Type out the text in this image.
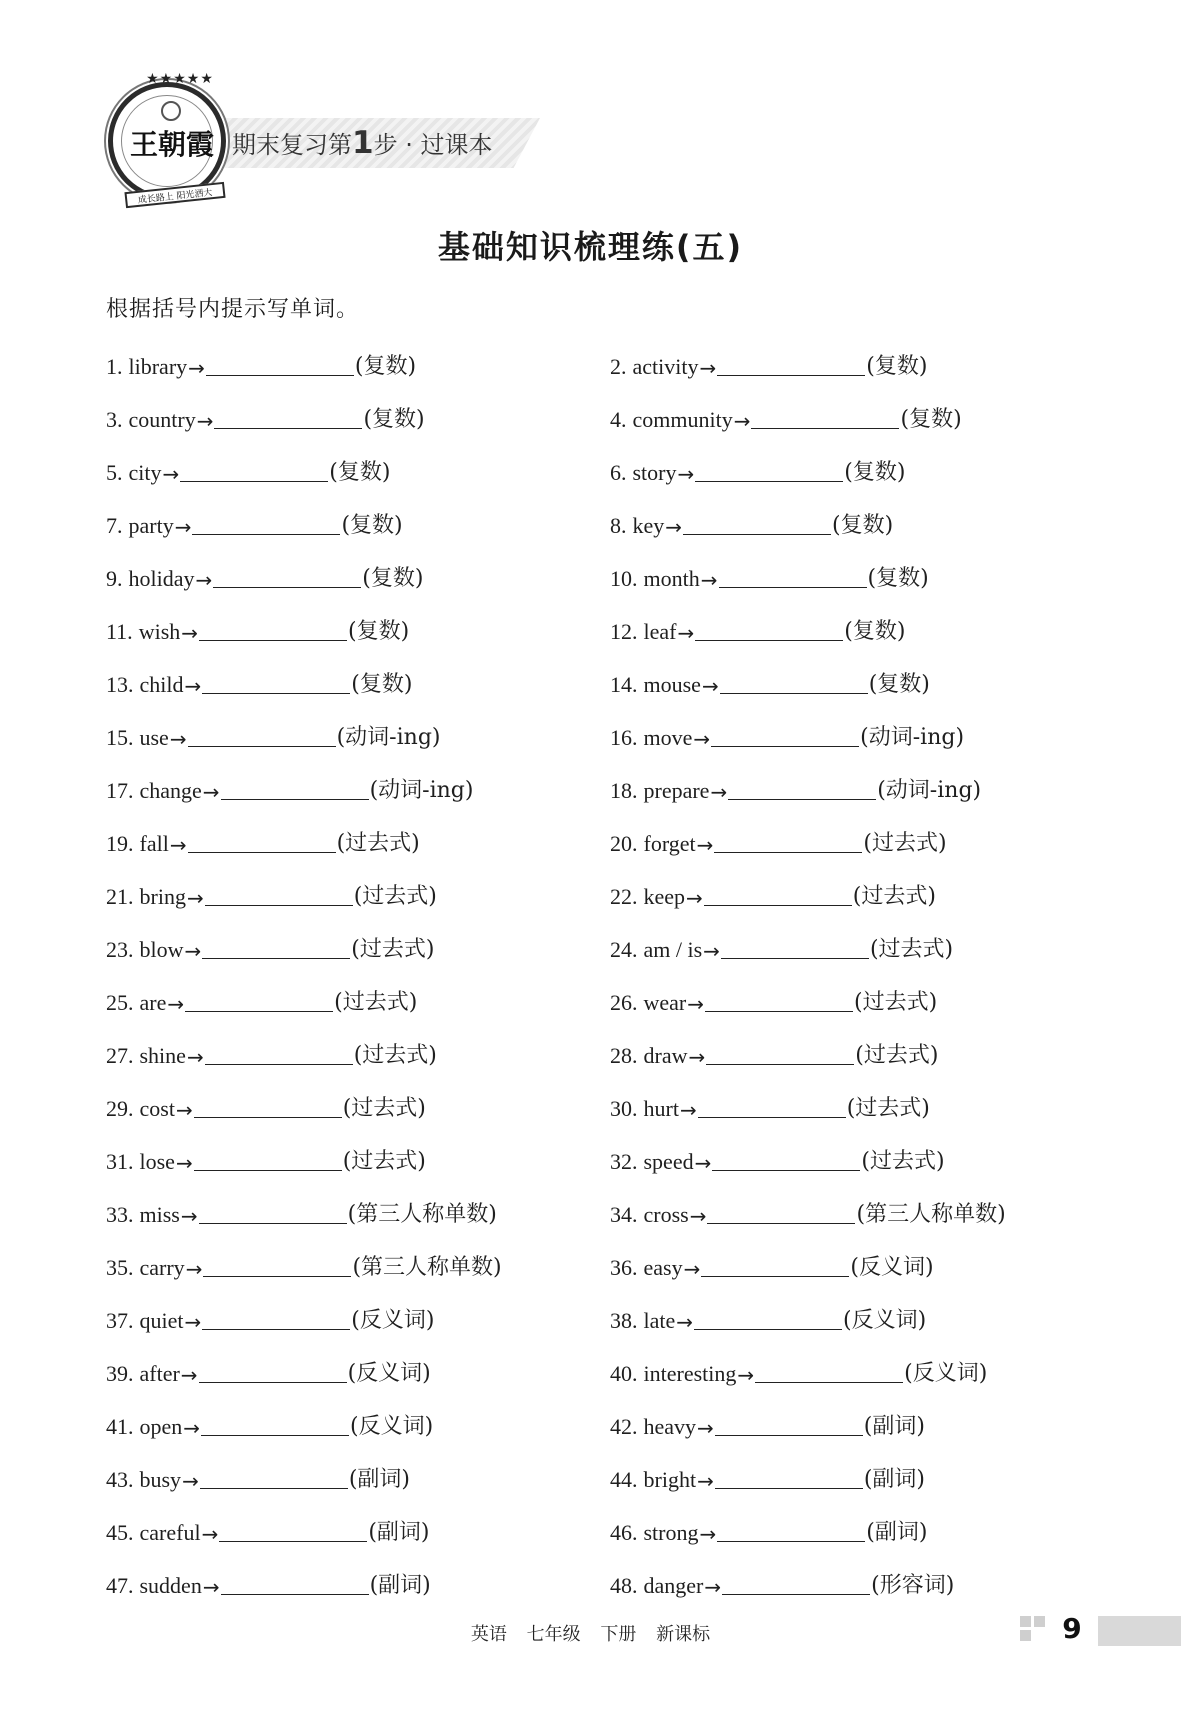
期末复习第1步 · 过课本
★★★★★
王朝霞
成长路上 阳光洒大
基础知识梳理练(五)
根据括号内提示写单词。
1. library →	(复数)	2. activity →	(复数)
3. country →	(复数)	4. community →	(复数)
5. city →	(复数)	6. story →	(复数)
7. party →	(复数)	8. key →	(复数)
9. holiday →	(复数)	10. month →	(复数)
11. wish →	(复数)	12. leaf →	(复数)
13. child →	(复数)	14. mouse →	(复数)
15. use →	(动词-ing)	16. move →	(动词-ing)
17. change →	(动词-ing)	18. prepare →	(动词-ing)
19. fall →	(过去式)	20. forget →	(过去式)
21. bring →	(过去式)	22. keep →	(过去式)
23. blow →	(过去式)	24. am / is →	(过去式)
25. are →	(过去式)	26. wear →	(过去式)
27. shine →	(过去式)	28. draw →	(过去式)
29. cost →	(过去式)	30. hurt →	(过去式)
31. lose →	(过去式)	32. speed →	(过去式)
33. miss →	(第三人称单数)	34. cross →	(第三人称单数)
35. carry →	(第三人称单数)	36. easy →	(反义词)
37. quiet →	(反义词)	38. late →	(反义词)
39. after →	(反义词)	40. interesting →	(反义词)
41. open →	(反义词)	42. heavy →	(副词)
43. busy →	(副词)	44. bright →	(副词)
45. careful →	(副词)	46. strong →	(副词)
47. sudden →	(副词)	48. danger →	(形容词)
英语 七年级 下册 新课标	9
